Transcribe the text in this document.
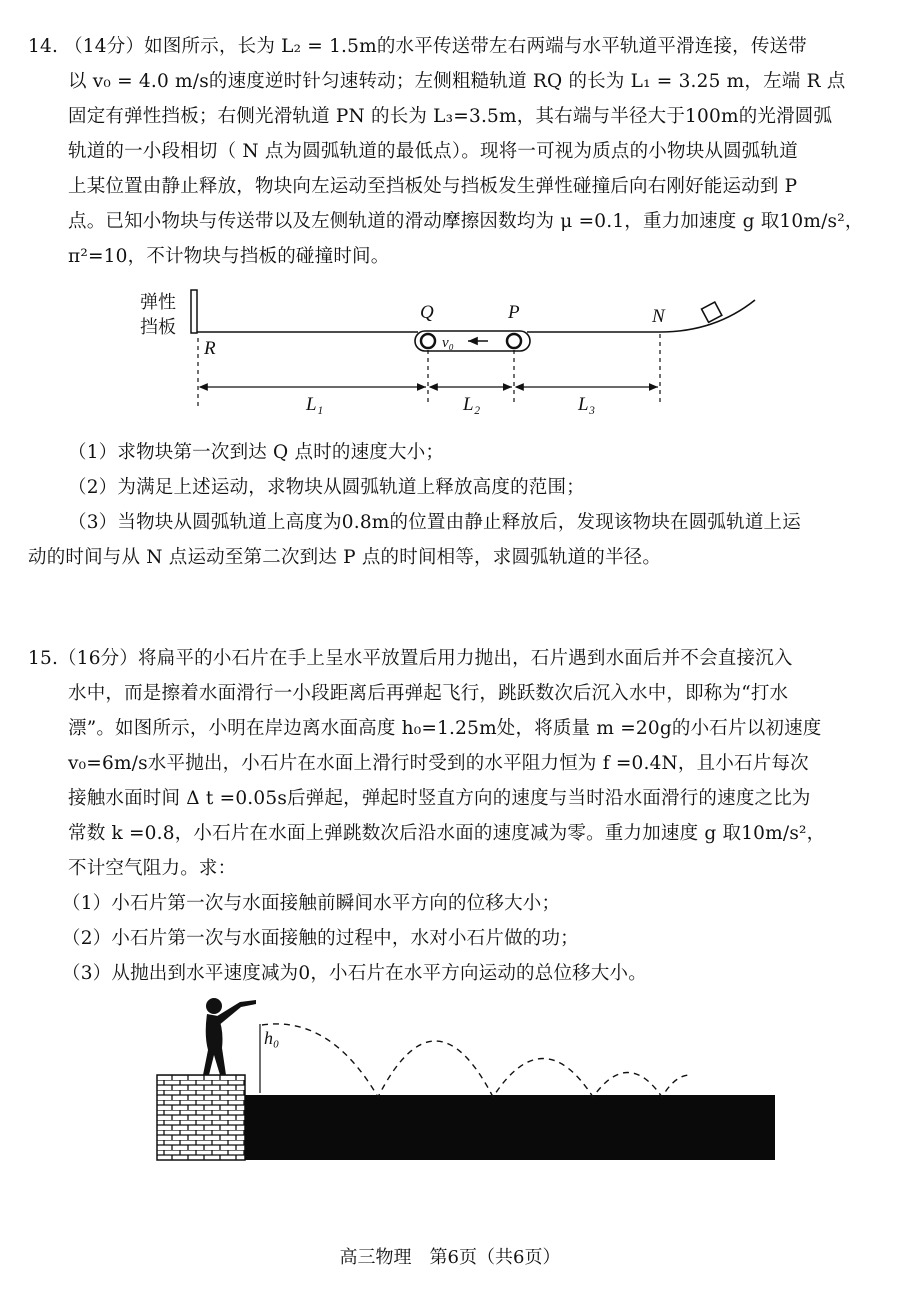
14. （14分）如图所示，长为 L₂ = 1.5m的水平传送带左右两端与水平轨道平滑连接，传送带
以 v₀ = 4.0 m/s的速度逆时针匀速转动；左侧粗糙轨道 RQ 的长为 L₁ = 3.25 m，左端 R 点
固定有弹性挡板；右侧光滑轨道 PN 的长为 L₃=3.5m，其右端与半径大于100m的光滑圆弧
轨道的一小段相切（ N 点为圆弧轨道的最低点）。现将一可视为质点的小物块从圆弧轨道
上某位置由静止释放，物块向左运动至挡板处与挡板发生弹性碰撞后向右刚好能运动到 P
点。已知小物块与传送带以及左侧轨道的滑动摩擦因数均为 μ =0.1，重力加速度 g 取10m/s²，
π²=10，不计物块与挡板的碰撞时间。
弹性
挡板
v₀
Q	P	N
R
L₁	L₂	L₃
（1）求物块第一次到达 Q 点时的速度大小；
（2）为满足上述运动，求物块从圆弧轨道上释放高度的范围；
（3）当物块从圆弧轨道上高度为0.8m的位置由静止释放后，发现该物块在圆弧轨道上运
动的时间与从 N 点运动至第二次到达 P 点的时间相等，求圆弧轨道的半径。
15.（16分）将扁平的小石片在手上呈水平放置后用力抛出，石片遇到水面后并不会直接沉入
水中，而是擦着水面滑行一小段距离后再弹起飞行，跳跃数次后沉入水中，即称为“打水
漂”。如图所示，小明在岸边离水面高度 h₀=1.25m处，将质量 m =20g的小石片以初速度
v₀=6m/s水平抛出，小石片在水面上滑行时受到的水平阻力恒为 f =0.4N，且小石片每次
接触水面时间 Δ t =0.05s后弹起，弹起时竖直方向的速度与当时沿水面滑行的速度之比为
常数 k =0.8，小石片在水面上弹跳数次后沿水面的速度减为零。重力加速度 g 取10m/s²，
不计空气阻力。求：
（1）小石片第一次与水面接触前瞬间水平方向的位移大小；
（2）小石片第一次与水面接触的过程中，水对小石片做的功；
（3）从抛出到水平速度减为0，小石片在水平方向运动的总位移大小。
h₀
高三物理　第6页（共6页）
